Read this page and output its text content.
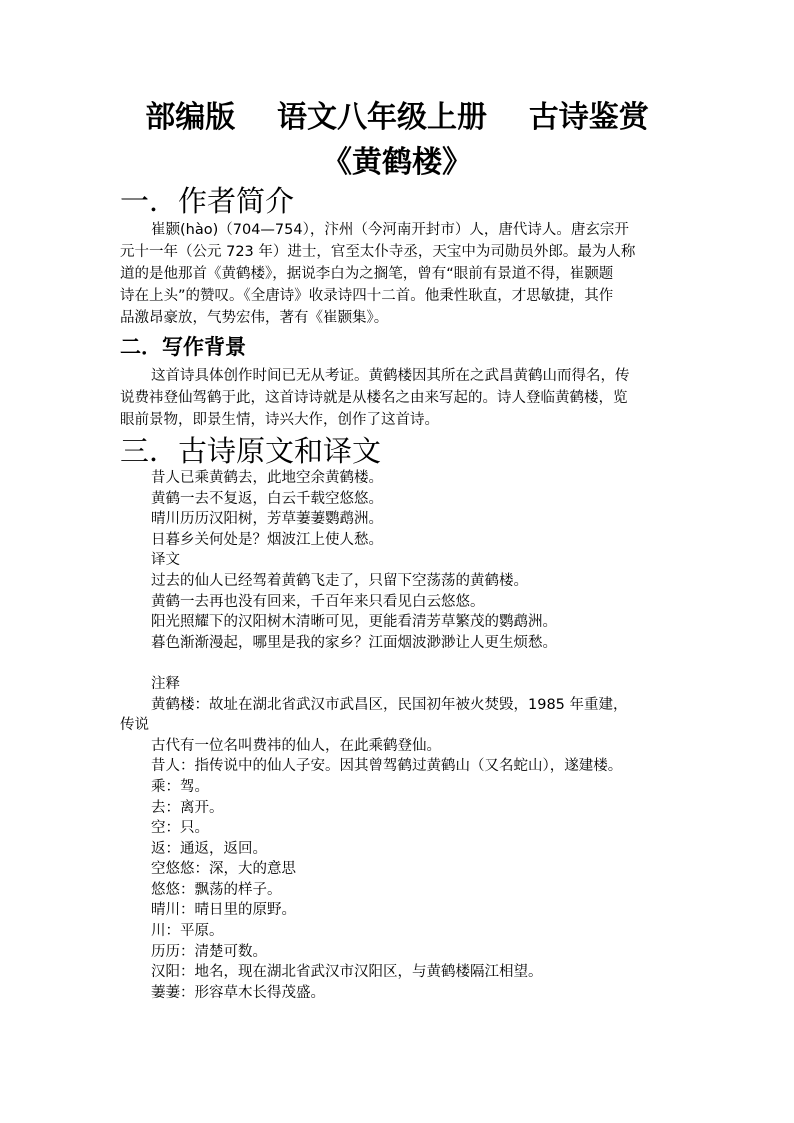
部编版    语文八年级上册    古诗鉴赏
《黄鹤楼》
一．作者简介
崔颢(hào)（704—754），汴州（今河南开封市）人，唐代诗人。唐玄宗开
元十一年（公元 723 年）进士，官至太仆寺丞，天宝中为司勋员外郎。最为人称
道的是他那首《黄鹤楼》，据说李白为之搁笔，曾有“眼前有景道不得，崔颢题
诗在上头”的赞叹。《全唐诗》收录诗四十二首。他秉性耿直，才思敏捷，其作
品激昂豪放，气势宏伟，著有《崔颢集》。
二．写作背景
这首诗具体创作时间已无从考证。黄鹤楼因其所在之武昌黄鹤山而得名，传
说费祎登仙驾鹤于此，这首诗诗就是从楼名之由来写起的。诗人登临黄鹤楼，览
眼前景物，即景生情，诗兴大作，创作了这首诗。
三．古诗原文和译文
昔人已乘黄鹤去，此地空余黄鹤楼。
黄鹤一去不复返，白云千载空悠悠。
晴川历历汉阳树，芳草萋萋鹦鹉洲。
日暮乡关何处是？烟波江上使人愁。
译文
过去的仙人已经驾着黄鹤飞走了，只留下空荡荡的黄鹤楼。
黄鹤一去再也没有回来，千百年来只看见白云悠悠。
阳光照耀下的汉阳树木清晰可见，更能看清芳草繁茂的鹦鹉洲。
暮色渐渐漫起，哪里是我的家乡？江面烟波渺渺让人更生烦愁。
注释
黄鹤楼：故址在湖北省武汉市武昌区，民国初年被火焚毁，1985 年重建，
传说
古代有一位名叫费祎的仙人，在此乘鹤登仙。
昔人：指传说中的仙人子安。因其曾驾鹤过黄鹤山（又名蛇山），遂建楼。
乘：驾。
去：离开。
空：只。
返：通返，返回。
空悠悠：深，大的意思
悠悠：飘荡的样子。
晴川：晴日里的原野。
川：平原。
历历：清楚可数。
汉阳：地名，现在湖北省武汉市汉阳区，与黄鹤楼隔江相望。
萋萋：形容草木长得茂盛。
